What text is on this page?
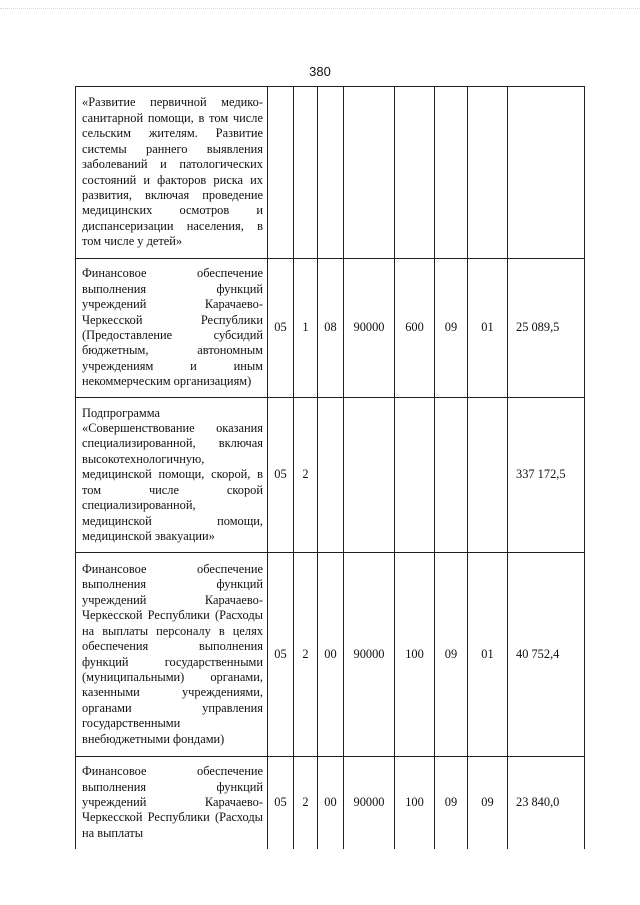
380
«Развитие первичной медико-санитарной помощи, в том числе сельским жителям. Развитие системы раннего выявления заболеваний и патологических состояний и факторов риска их развития, включая проведение медицинских осмотров и диспансеризации населения, в том числе у детей»								
Финансовое обеспечение выполнения функций учреждений Карачаево-Черкесской Республики (Предоставление субсидий бюджетным, автономным учреждениям и иным некоммерческим организациям)	05	1	08	90000	600	09	01	25 089,5
Подпрограмма «Совершенствование оказания специализированной, включая высокотехнологичную, медицинской помощи, скорой, в том числе скорой специализированной, медицинской помощи, медицинской эвакуации»	05	2						337 172,5
Финансовое обеспечение выполнения функций учреждений Карачаево-Черкесской Республики (Расходы на выплаты персоналу в целях обеспечения выполнения функций государственными (муниципальными) органами, казенными учреждениями, органами управления государственными внебюджетными фондами)	05	2	00	90000	100	09	01	40 752,4
Финансовое обеспечение выполнения функций учреждений Карачаево-Черкесской Республики (Расходы на выплаты	05	2	00	90000	100	09	09	23 840,0
